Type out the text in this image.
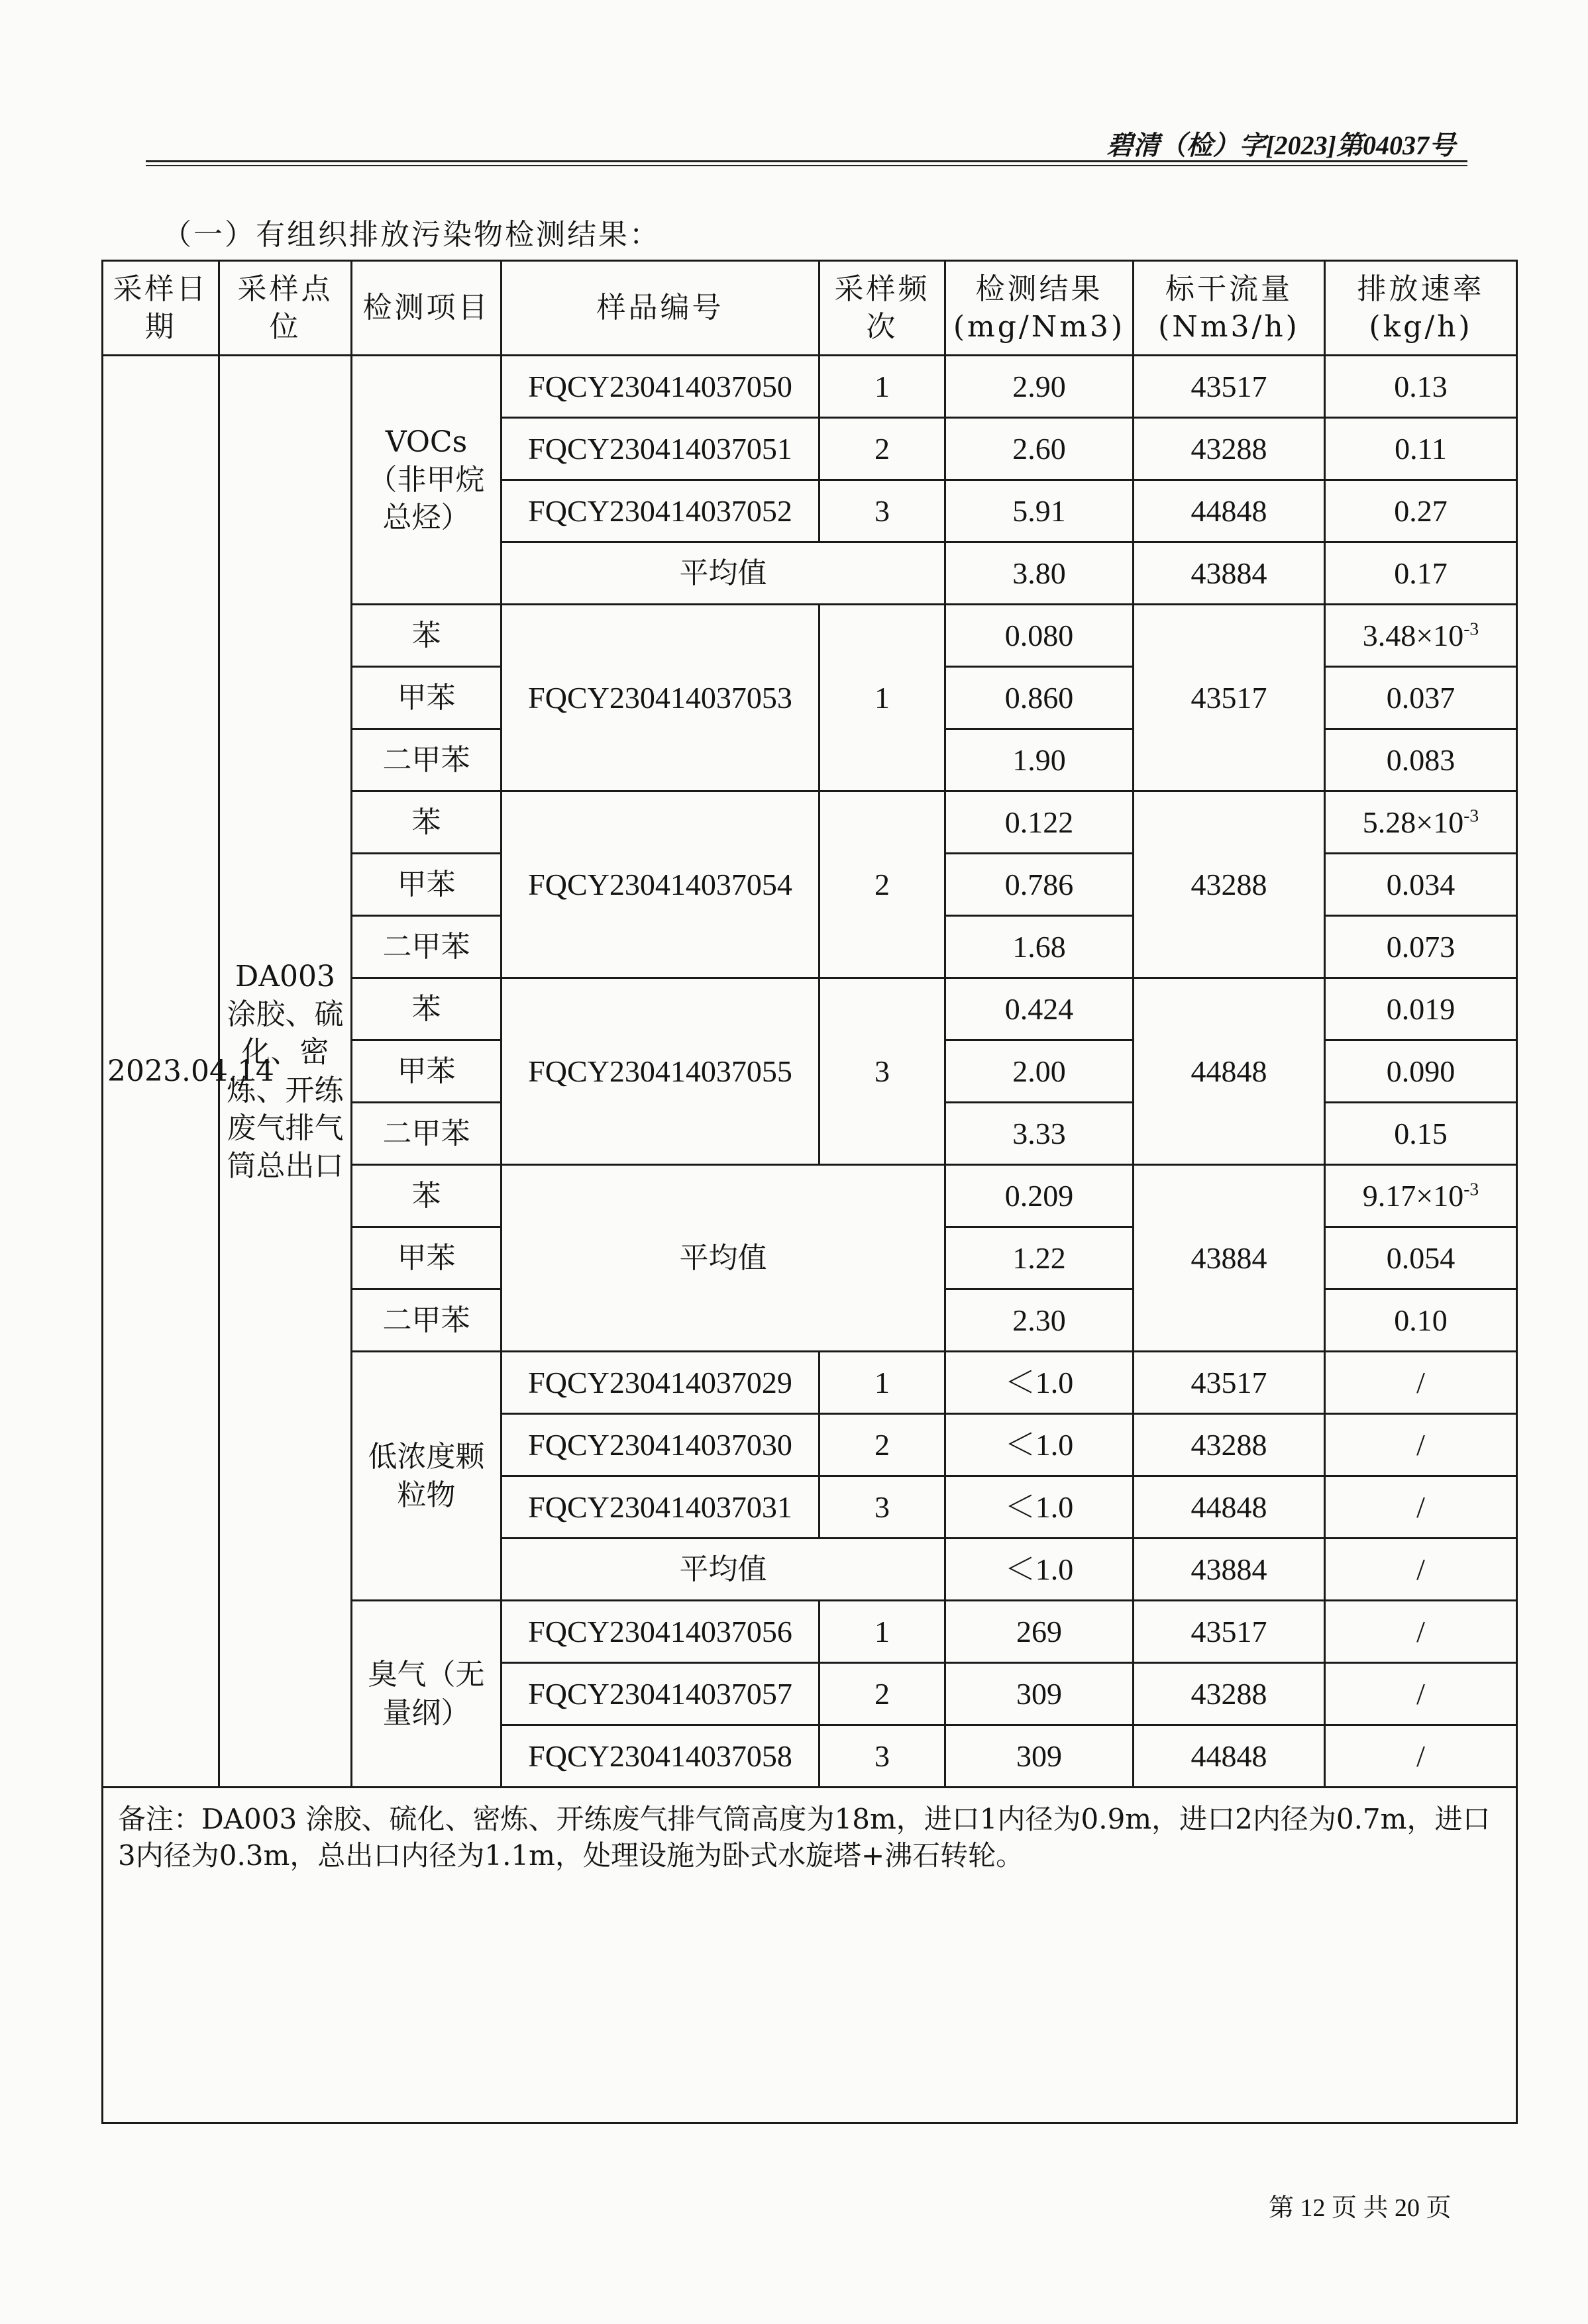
碧清（检）字[2023]第04037号
（一）有组织排放污染物检测结果：
采样日期	采样点位	检测项目	样品编号	采样频次	检测结果(mg/Nm3)	标干流量(Nm3/h)	排放速率(kg/h)
2023.04.14	DA003涂胶、硫化、密炼、开练废气排气筒总出口	VOCs（非甲烷总烃）	FQCY230414037050	1	2.90	43517	0.13
			FQCY230414037051	2	2.60	43288	0.11
			FQCY230414037052	3	5.91	44848	0.27
			平均值		3.80	43884	0.17
		苯	FQCY230414037053	1	0.080	43517	$3.48\times 10^{-3}$
		甲苯			0.860		0.037
		二甲苯			1.90		0.083
		苯	FQCY230414037054	2	0.122	43288	$5.28\times 10^{-3}$
		甲苯			0.786		0.034
		二甲苯			1.68		0.073
		苯	FQCY230414037055	3	0.424	44848	0.019
		甲苯			2.00		0.090
		二甲苯			3.33		0.15
		苯	平均值		0.209	43884	$9.17\times 10^{-3}$
		甲苯			1.22		0.054
		二甲苯			2.30		0.10
		低浓度颗粒物	FQCY230414037029	1	＜1.0	43517	/
			FQCY230414037030	2	＜1.0	43288	/
			FQCY230414037031	3	＜1.0	44848	/
			平均值		＜1.0	43884	/
		臭气（无量纲）	FQCY230414037056	1	269	43517	/
			FQCY230414037057	2	309	43288	/
			FQCY230414037058	3	309	44848	/
备注：DA003 涂胶、硫化、密炼、开练废气排气筒高度为18m，进口1内径为0.9m，进口2内径为0.7m，进口3内径为0.3m，总出口内径为1.1m，处理设施为卧式水旋塔+沸石转轮。							
第 12 页 共 20 页
